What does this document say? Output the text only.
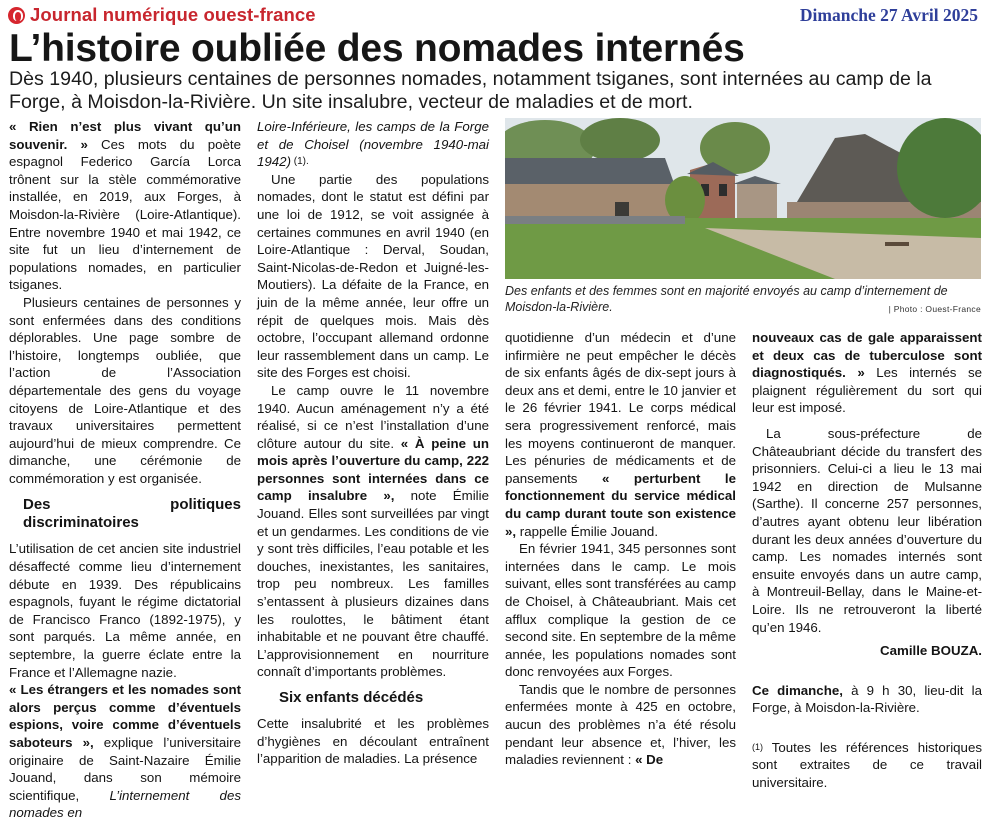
Journal numérique ouest-france	Dimanche 27 Avril 2025
L’histoire oubliée des nomades internés
Dès 1940, plusieurs centaines de personnes nomades, notamment tsiganes, sont internées au camp de la Forge, à Moisdon-la-Rivière. Un site insalubre, vecteur de maladies et de mort.

« Rien n’est plus vivant qu’un souvenir. » Ces mots du poète espagnol Federico García Lorca trônent sur la stèle commémorative installée, en 2019, aux Forges, à Moisdon-la-Rivière (Loire-Atlantique). Entre novembre 1940 et mai 1942, ce site fut un lieu d’internement de populations nomades, en particulier tsiganes.

Plusieurs centaines de personnes y sont enfermées dans des conditions déplorables. Une page sombre de l’histoire, longtemps oubliée, que l’action de l’Association départementale des gens du voyage citoyens de Loire-Atlantique et des travaux universitaires permettent aujourd’hui de mieux comprendre. Ce dimanche, une cérémonie de commémoration y est organisée.

Des politiques discriminatoires

L’utilisation de cet ancien site industriel désaffecté comme lieu d’internement débute en 1939. Des républicains espagnols, fuyant le régime dictatorial de Francisco Franco (1892-1975), y sont parqués. La même année, en septembre, la guerre éclate entre la France et l’Allemagne nazie.

« Les étrangers et les nomades sont alors perçus comme d’éventuels espions, voire comme d’éventuels saboteurs », explique l’universitaire originaire de Saint-Nazaire Émilie Jouand, dans son mémoire scientifique, L’internement des nomades en

Loire-Inférieure, les camps de la Forge et de Choisel (novembre 1940-mai 1942) $^{(1).}$

Une partie des populations nomades, dont le statut est défini par une loi de 1912, se voit assignée à certaines communes en avril 1940 (en Loire-Atlantique : Derval, Soudan, Saint-Nicolas-de-Redon et Juigné-les-Moutiers). La défaite de la France, en juin de la même année, leur offre un répit de quelques mois. Mais dès octobre, l’occupant allemand ordonne leur rassemblement dans un camp. Le site des Forges est choisi.

Le camp ouvre le 11 novembre 1940. Aucun aménagement n’y a été réalisé, si ce n’est l’installation d’une clôture autour du site. « À peine un mois après l’ouverture du camp, 222 personnes sont internées dans ce camp insalubre », note Émilie Jouand. Elles sont surveillées par vingt et un gendarmes. Les conditions de vie y sont très difficiles, l’eau potable et les douches, inexistantes, les sanitaires, trop peu nombreux. Les familles s’entassent à plusieurs dizaines dans les roulottes, le bâtiment étant inhabitable et ne pouvant être chauffé. L’approvisionnement en nourriture connaît d’importants problèmes.

Six enfants décédés

Cette insalubrité et les problèmes d’hygiènes en découlant entraînent l’apparition de maladies. La présence

Des enfants et des femmes sont en majorité envoyés au camp d’internement de Moisdon-la-Rivière.	| Photo : Ouest-France

quotidienne d’un médecin et d’une infirmière ne peut empêcher le décès de six enfants âgés de dix-sept jours à deux ans et demi, entre le 10 janvier et le 26 février 1941. Le corps médical sera progressivement renforcé, mais les moyens continueront de manquer. Les pénuries de médicaments et de pansements « perturbent le fonctionnement du service médical du camp durant toute son existence », rappelle Émilie Jouand.

En février 1941, 345 personnes sont internées dans le camp. Le mois suivant, elles sont transférées au camp de Choisel, à Châteaubriant. Mais cet afflux complique la gestion de ce second site. En septembre de la même année, les populations nomades sont donc renvoyées aux Forges.

Tandis que le nombre de personnes enfermées monte à 425 en octobre, aucun des problèmes n’a été résolu pendant leur absence et, l’hiver, les maladies reviennent : « De

nouveaux cas de gale apparaissent et deux cas de tuberculose sont diagnostiqués. » Les internés se plaignent régulièrement du sort qui leur est imposé.

La sous-préfecture de Châteaubriant décide du transfert des prisonniers. Celui-ci a lieu le 13 mai 1942 en direction de Mulsanne (Sarthe). Il concerne 257 personnes, d’autres ayant obtenu leur libération durant les deux années d’ouverture du camp. Les nomades internés sont ensuite envoyés dans un autre camp, à Montreuil-Bellay, dans le Maine-et-Loire. Ils ne retrouveront la liberté qu’en 1946.

Camille BOUZA.

Ce dimanche, à 9 h 30, lieu-dit la Forge, à Moisdon-la-Rivière.

$^{(1)}$ Toutes les références historiques sont extraites de ce travail universitaire.
